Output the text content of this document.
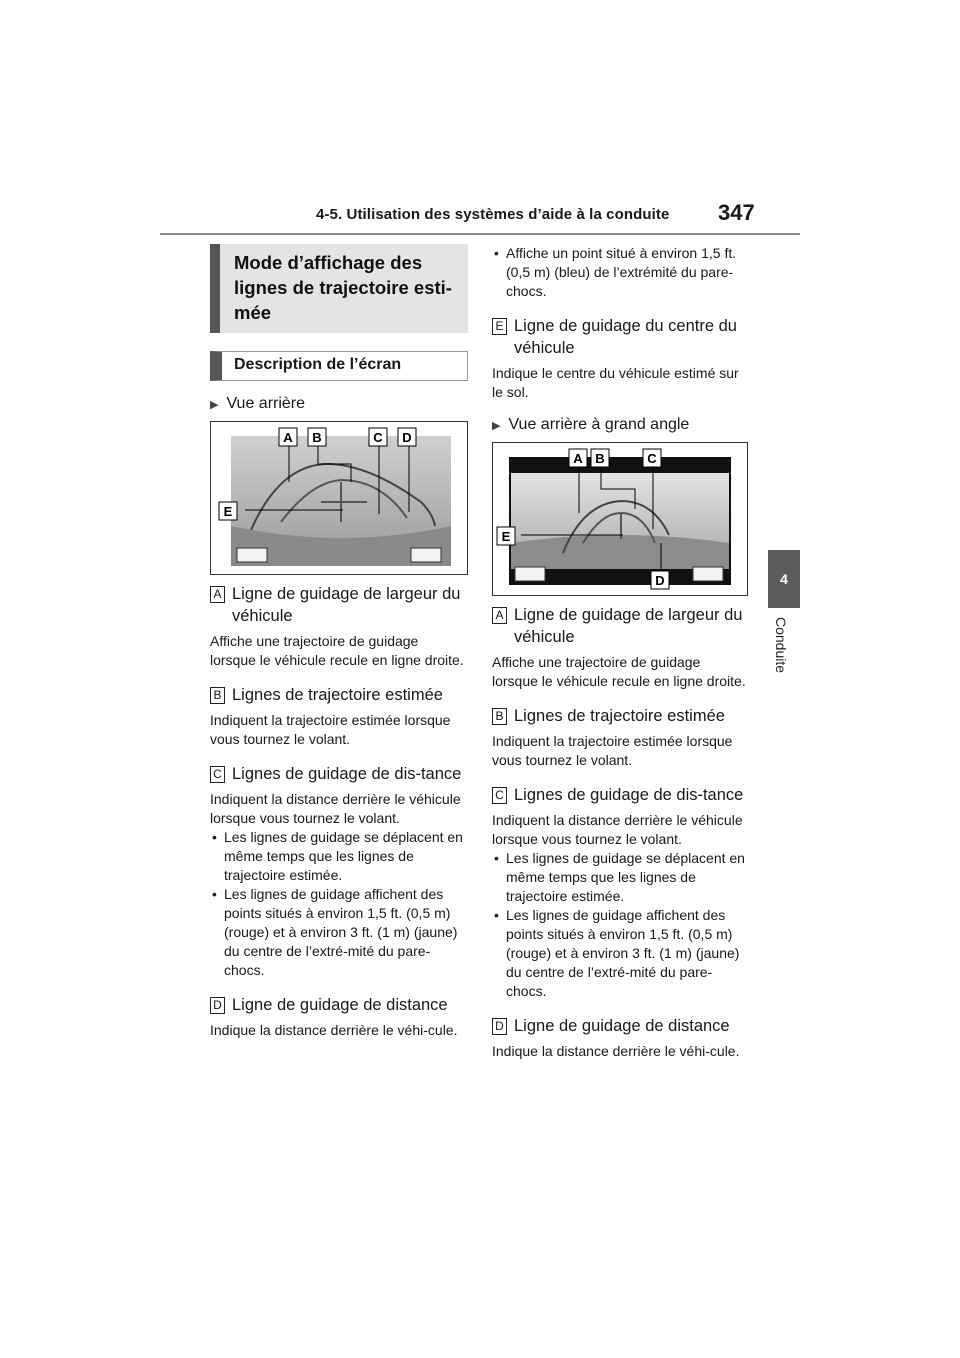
4-5. Utilisation des systèmes d’aide à la conduite 347
4
Conduite
Mode d’affichage des lignes de trajectoire esti-mée
Description de l’écran
▶ Vue arrière
A B	C D
E
A Ligne de guidage de largeur du véhicule
Affiche une trajectoire de guidage lorsque le véhicule recule en ligne droite.
B Lignes de trajectoire estimée
Indiquent la trajectoire estimée lorsque vous tournez le volant.
C Lignes de guidage de dis-tance
Indiquent la distance derrière le véhicule lorsque vous tournez le volant.
• Les lignes de guidage se déplacent en même temps que les lignes de trajectoire estimée.
• Les lignes de guidage affichent des points situés à environ 1,5 ft. (0,5 m) (rouge) et à environ 3 ft. (1 m) (jaune) du centre de l’extré-mité du pare-chocs.
D Ligne de guidage de distance
Indique la distance derrière le véhi-cule.
• Affiche un point situé à environ 1,5 ft. (0,5 m) (bleu) de l’extrémité du pare-chocs.
E Ligne de guidage du centre du véhicule
Indique le centre du véhicule estimé sur le sol.
▶ Vue arrière à grand angle
A B	C
D
E
A Ligne de guidage de largeur du véhicule
Affiche une trajectoire de guidage lorsque le véhicule recule en ligne droite.
B Lignes de trajectoire estimée
Indiquent la trajectoire estimée lorsque vous tournez le volant.
C Lignes de guidage de dis-tance
Indiquent la distance derrière le véhicule lorsque vous tournez le volant.
• Les lignes de guidage se déplacent en même temps que les lignes de trajectoire estimée.
• Les lignes de guidage affichent des points situés à environ 1,5 ft. (0,5 m) (rouge) et à environ 3 ft. (1 m) (jaune) du centre de l’extré-mité du pare-chocs.
D Ligne de guidage de distance
Indique la distance derrière le véhi-cule.
